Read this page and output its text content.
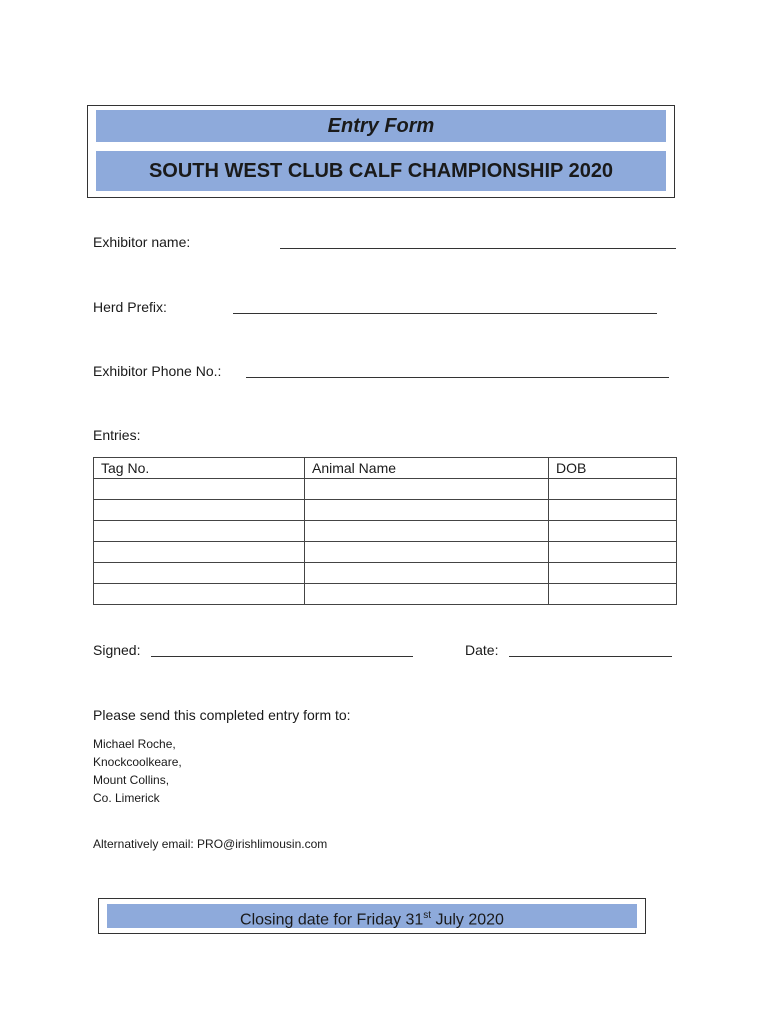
Entry Form
SOUTH WEST CLUB CALF CHAMPIONSHIP 2020
Exhibitor name:
Herd Prefix:
Exhibitor Phone No.:
Entries:
Tag No.	Animal Name	DOB

Signed:	Date:
Please send this completed entry form to:
Michael Roche,
Knockcoolkeare,
Mount Collins,
Co. Limerick
Alternatively email: PRO@irishlimousin.com
Closing date for Friday 31st July 2020
